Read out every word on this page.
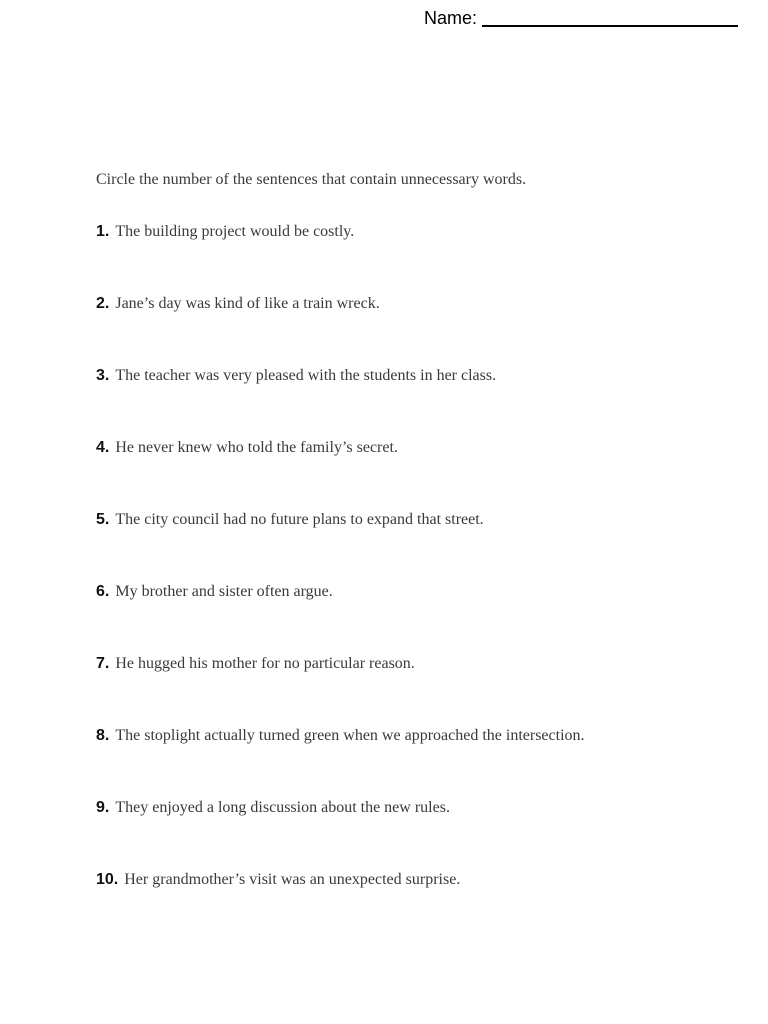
Name:
Circle the number of the sentences that contain unnecessary words.
1. The building project would be costly.
2. Jane’s day was kind of like a train wreck.
3. The teacher was very pleased with the students in her class.
4. He never knew who told the family’s secret.
5. The city council had no future plans to expand that street.
6. My brother and sister often argue.
7. He hugged his mother for no particular reason.
8. The stoplight actually turned green when we approached the intersection.
9. They enjoyed a long discussion about the new rules.
10. Her grandmother’s visit was an unexpected surprise.
